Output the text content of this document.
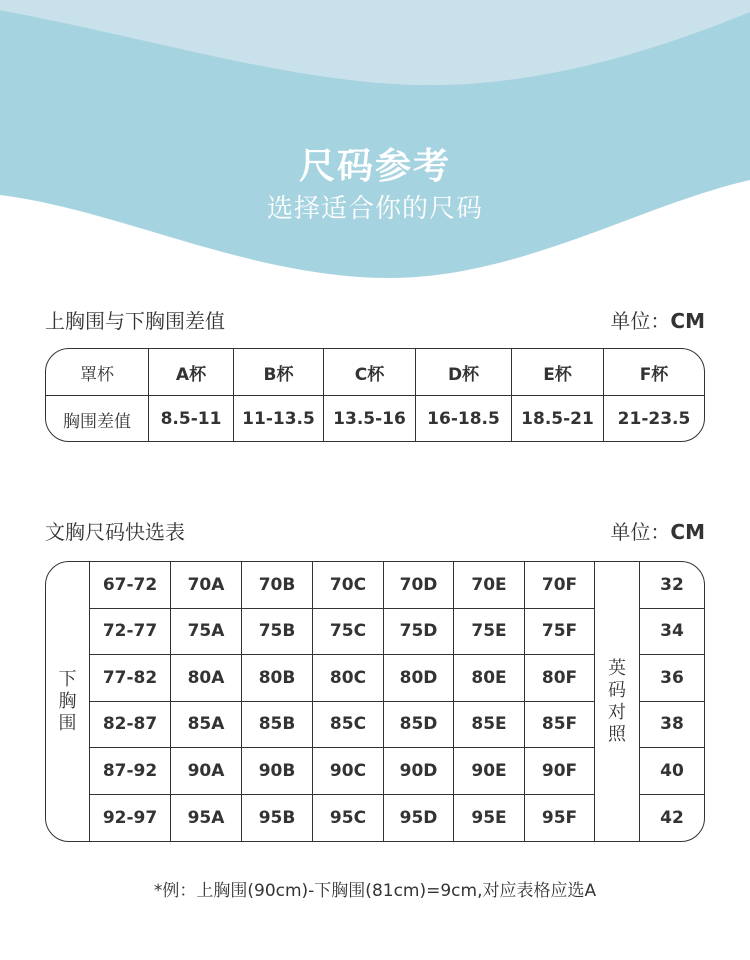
尺码参考
选择适合你的尺码
上胸围与下胸围差值	单位：CM
罩杯	A杯	B杯	C杯	D杯	E杯	F杯
胸围差值	8.5-11	11-13.5	13.5-16	16-18.5	18.5-21	21-23.5
文胸尺码快选表	单位：CM
下
胸
围
英
码
对
照
67-72	70A	70B	70C	70D	70E	70F	32
72-77	75A	75B	75C	75D	75E	75F	34
77-82	80A	80B	80C	80D	80E	80F	36
82-87	85A	85B	85C	85D	85E	85F	38
87-92	90A	90B	90C	90D	90E	90F	40
92-97	95A	95B	95C	95D	95E	95F	42
*例：上胸围(90cm)-下胸围(81cm)=9cm,对应表格应选A
